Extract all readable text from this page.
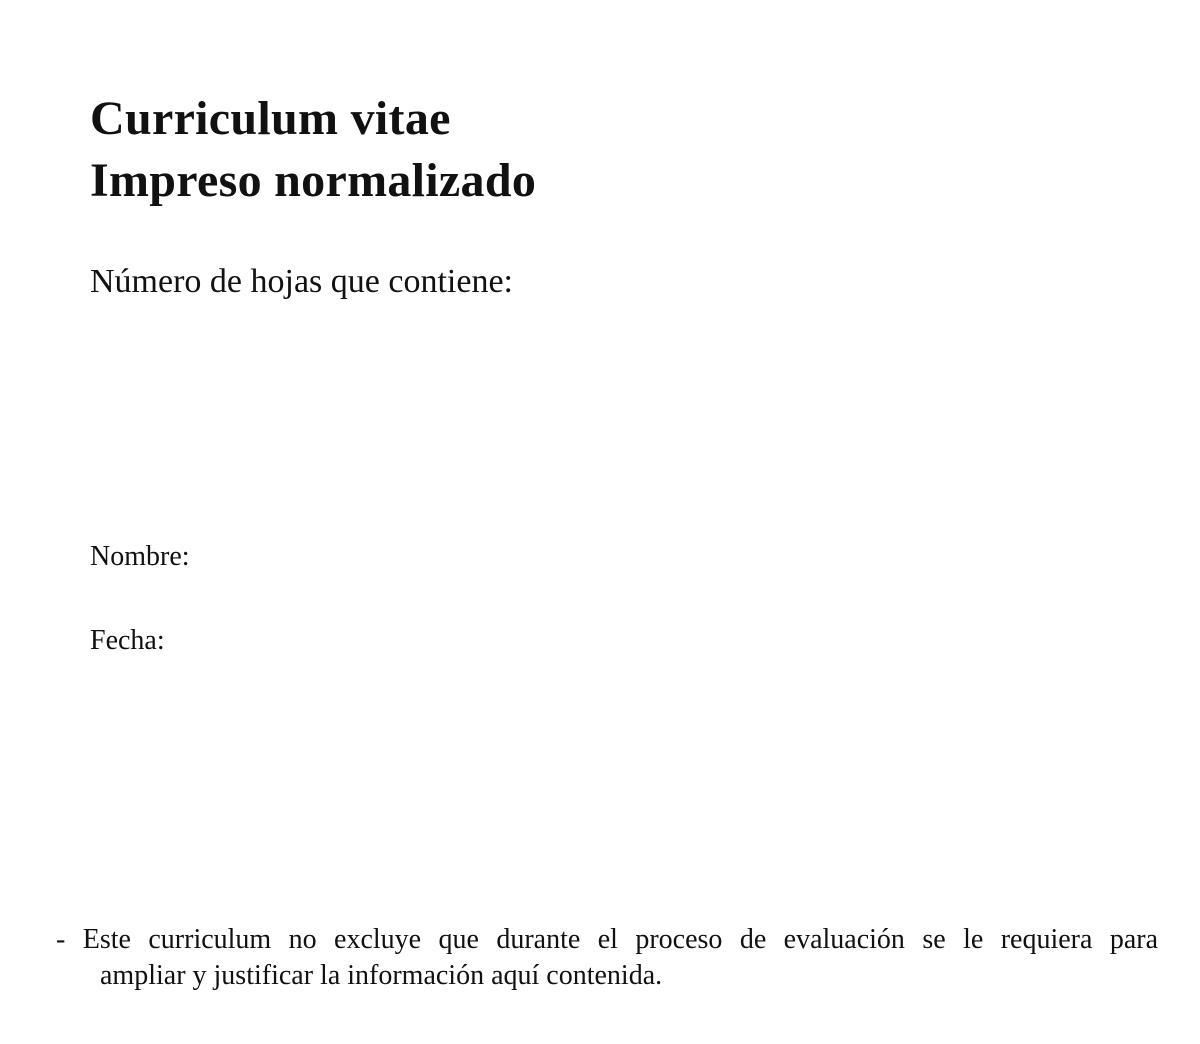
Curriculum vitae
Impreso normalizado

Número de hojas que contiene:

Nombre:

Fecha:

- Este curriculum no excluye que durante el proceso de evaluación se le requiera para
ampliar y justificar la información aquí contenida.
